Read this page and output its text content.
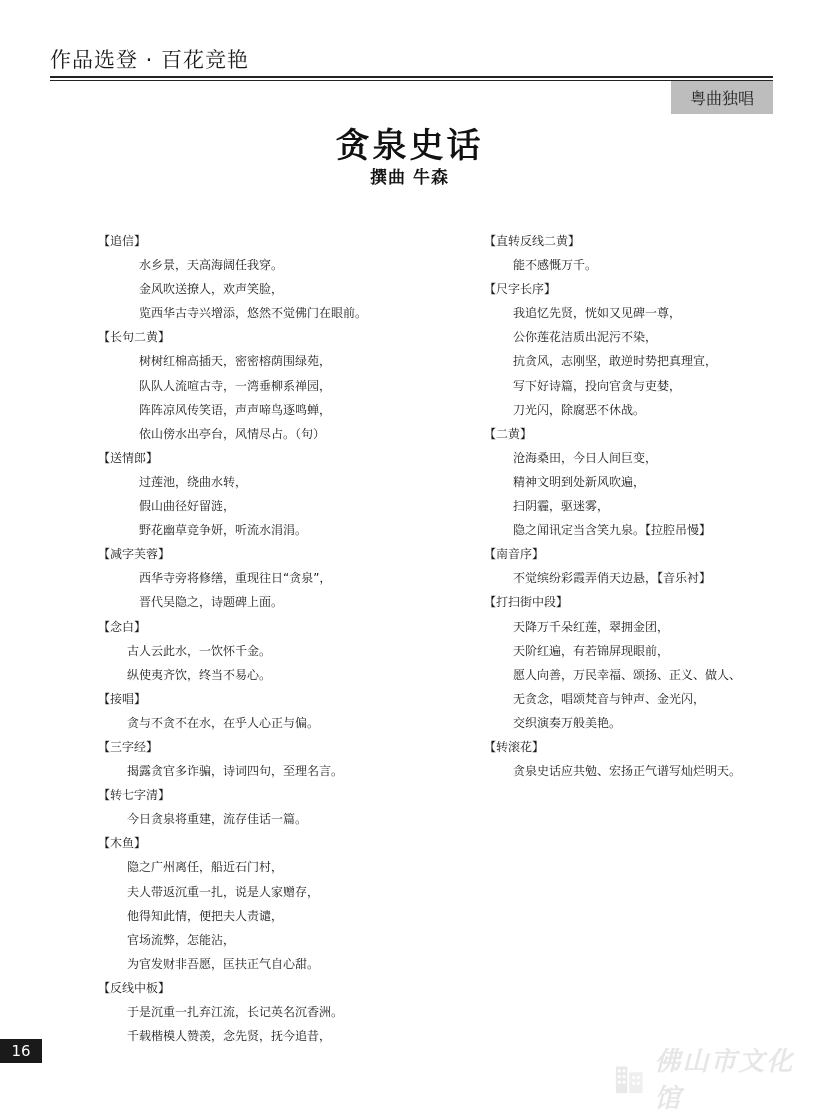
作品选登 · 百花竞艳
粤曲独唱
贪泉史话
撰曲 牛森
【追信】
水乡景，天高海阔任我穿。
金风吹送撩人，欢声笑脸，
览西华古寺兴增添，悠然不觉佛门在眼前。
【长句二黄】
树树红棉高插天，密密榕荫围绿苑，
队队人流喧古寺，一湾垂柳系禅园，
阵阵凉风传笑语，声声啼鸟逐鸣蝉，
依山傍水出亭台，风情尽占。（句）
【送情郎】
过莲池，绕曲水转，
假山曲径好留涟，
野花幽草竞争妍，听流水涓涓。
【减字芙蓉】
西华寺旁将修缮，重现往日“贪泉”，
晋代吴隐之，诗题碑上面。
【念白】
古人云此水，一饮怀千金。
纵使夷齐饮，终当不易心。
【接唱】
贪与不贪不在水，在乎人心正与偏。
【三字经】
揭露贪官多诈骗，诗词四句，至理名言。
【转七字清】
今日贪泉将重建，流存佳话一篇。
【木鱼】
隐之广州离任，船近石门村，
夫人带返沉重一扎，说是人家赠存，
他得知此情，便把夫人责谴，
官场流弊，怎能沾，
为官发财非吾愿，匡扶正气自心甜。
【反线中板】
于是沉重一扎弃江流，长记英名沉香洲。
千载楷模人赞羡，念先贤，抚今追昔，
【直转反线二黄】
能不感慨万千。
【尺字长序】
我追忆先贤，恍如又见碑一尊，
公你莲花洁质出泥污不染，
抗贪风，志刚坚，敢逆时势把真理宣，
写下好诗篇，投向官贪与吏婪，
刀光闪，除腐恶不休战。
【二黄】
沧海桑田，今日人间巨变，
精神文明到处新风吹遍，
扫阴霾，驱迷雾，
隐之闻讯定当含笑九泉。【拉腔吊慢】
【南音序】
不觉缤纷彩霞弄俏天边悬，【音乐衬】
【打扫街中段】
天降万千朵红莲，翠拥金团，
天阶红遍，有若锦屏现眼前，
愿人向善，万民幸福、颂扬、正义、做人、
无贪念，唱颂梵音与钟声、金光闪，
交织演奏万般美艳。
【转滚花】
贪泉史话应共勉、宏扬正气谱写灿烂明天。
16	佛山市文化馆
